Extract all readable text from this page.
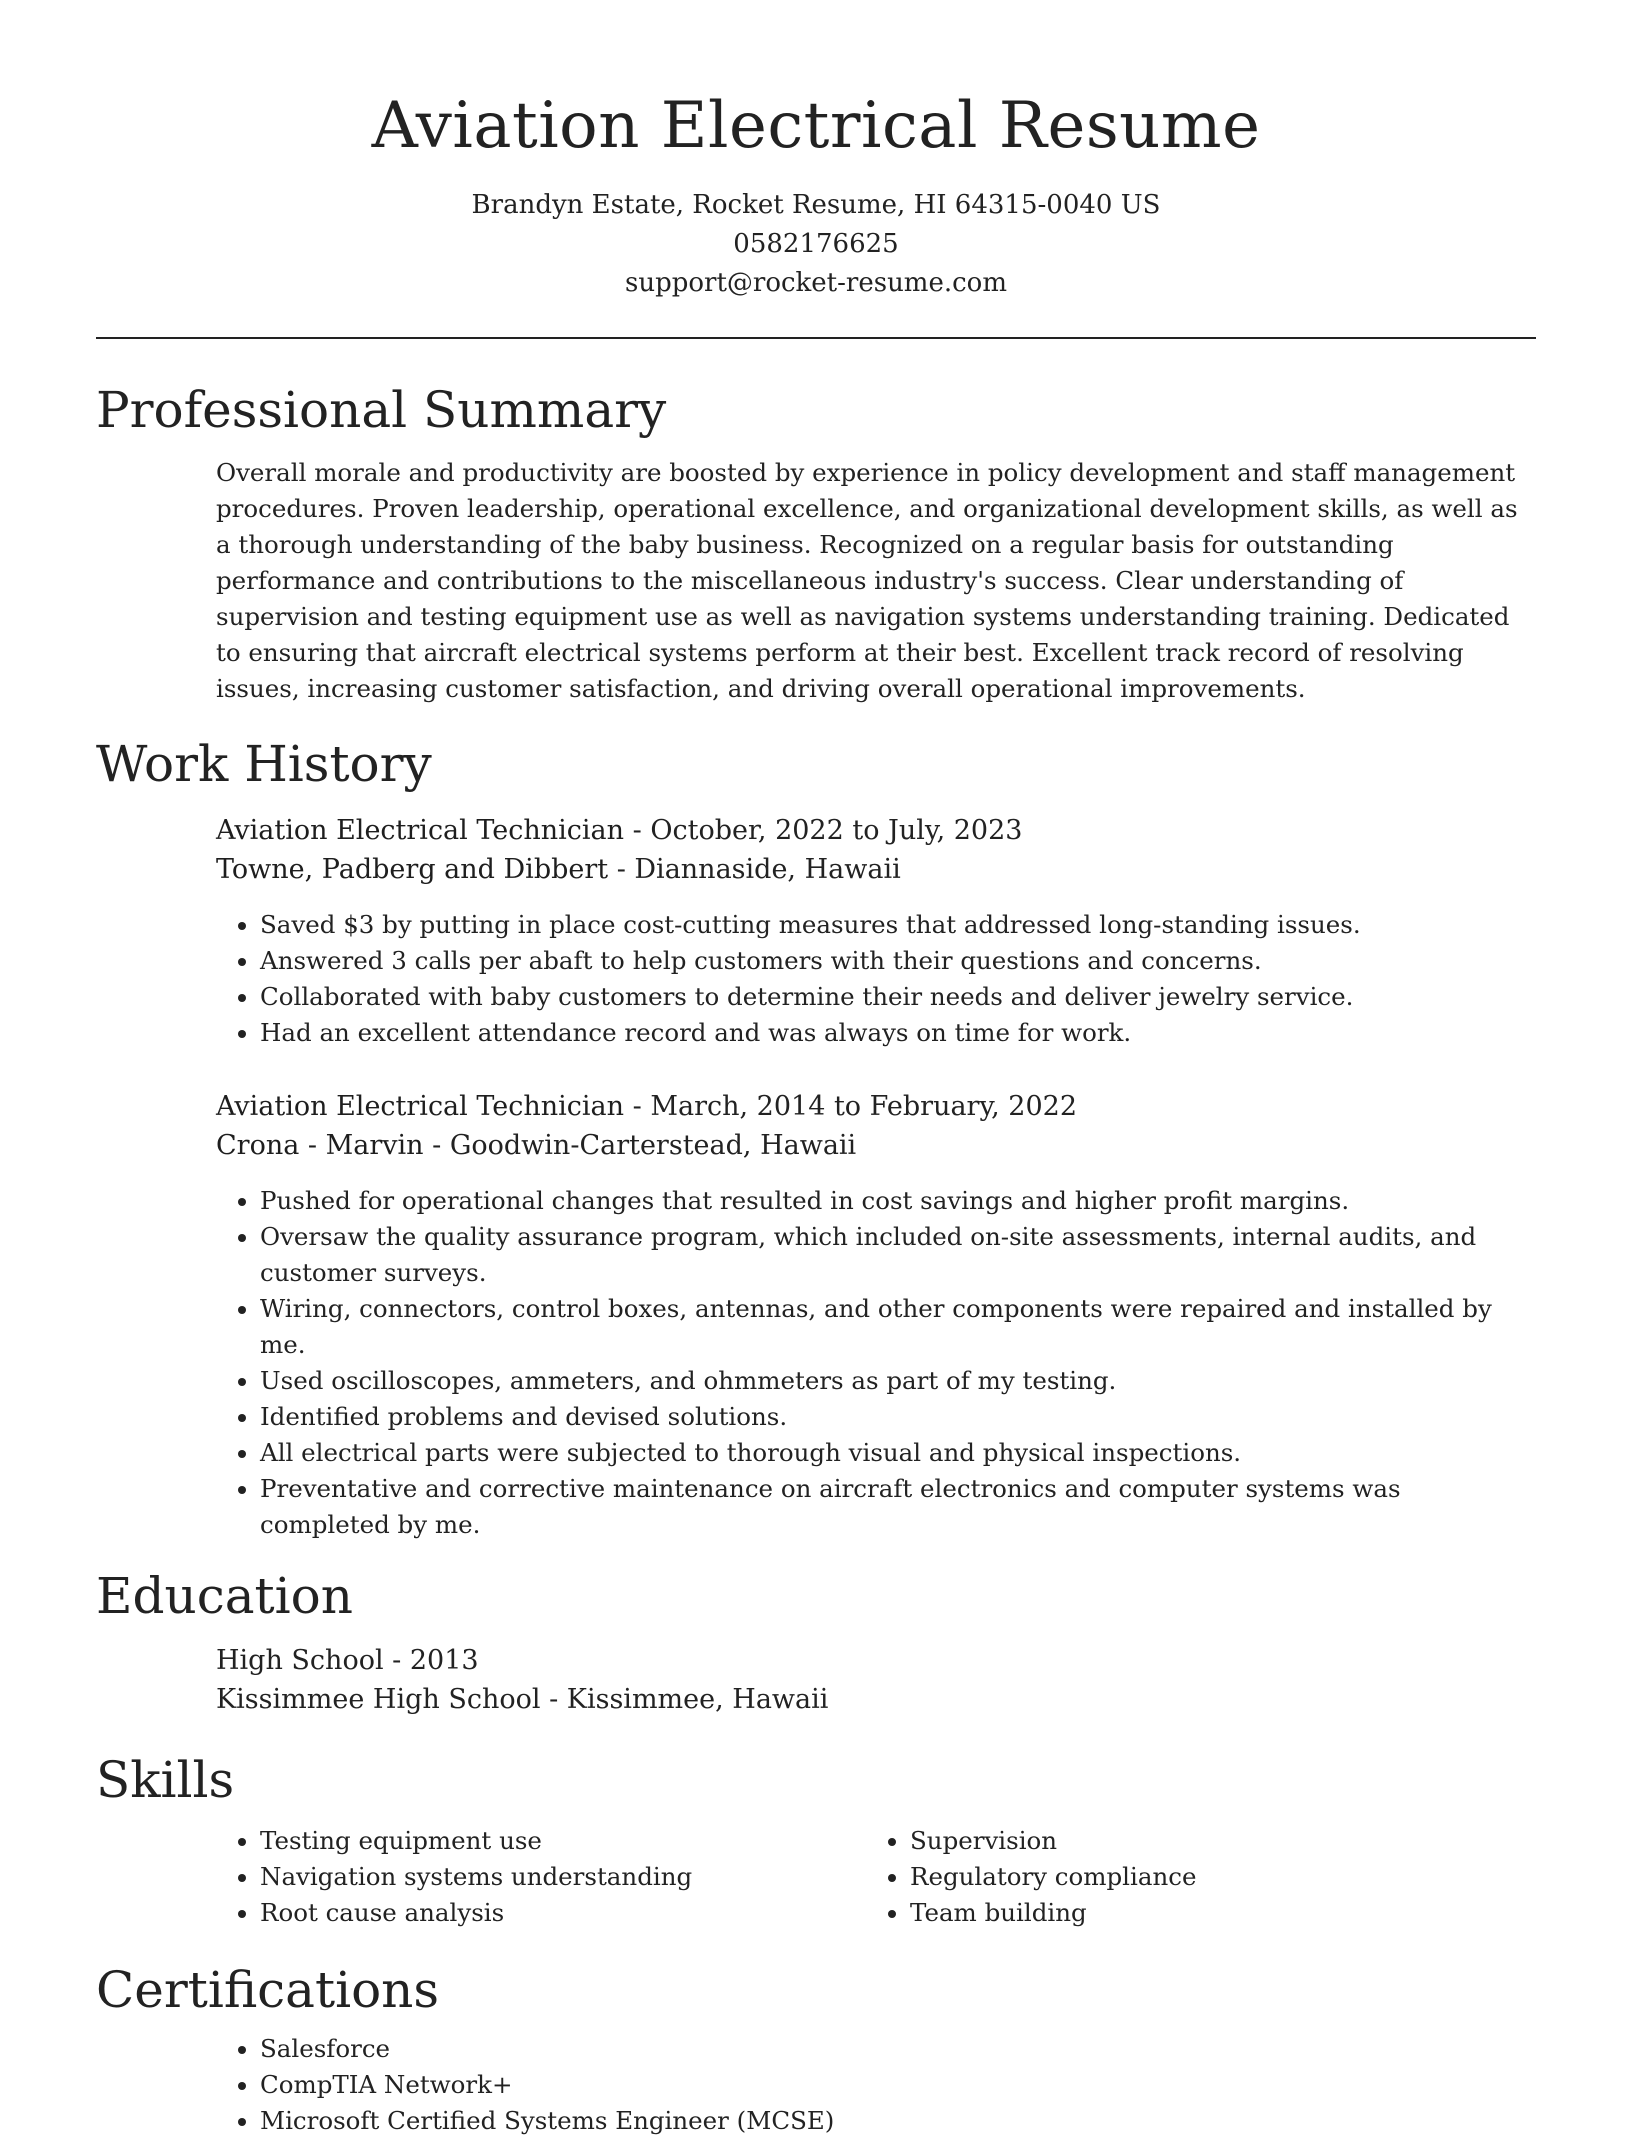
Aviation Electrical Resume
Brandyn Estate, Rocket Resume, HI 64315-0040 US
0582176625
support@rocket-resume.com
Professional Summary
Overall morale and productivity are boosted by experience in policy development and staff management procedures. Proven leadership, operational excellence, and organizational development skills, as well as a thorough understanding of the baby business. Recognized on a regular basis for outstanding performance and contributions to the miscellaneous industry's success. Clear understanding of supervision and testing equipment use as well as navigation systems understanding training. Dedicated to ensuring that aircraft electrical systems perform at their best. Excellent track record of resolving issues, increasing customer satisfaction, and driving overall operational improvements.
Work History
Aviation Electrical Technician - October, 2022 to July, 2023
Towne, Padberg and Dibbert - Diannaside, Hawaii
• Saved $3 by putting in place cost-cutting measures that addressed long-standing issues.
• Answered 3 calls per abaft to help customers with their questions and concerns.
• Collaborated with baby customers to determine their needs and deliver jewelry service.
• Had an excellent attendance record and was always on time for work.
Aviation Electrical Technician - March, 2014 to February, 2022
Crona - Marvin - Goodwin-Carterstead, Hawaii
• Pushed for operational changes that resulted in cost savings and higher profit margins.
• Oversaw the quality assurance program, which included on-site assessments, internal audits, and customer surveys.
• Wiring, connectors, control boxes, antennas, and other components were repaired and installed by me.
• Used oscilloscopes, ammeters, and ohmmeters as part of my testing.
• Identified problems and devised solutions.
• All electrical parts were subjected to thorough visual and physical inspections.
• Preventative and corrective maintenance on aircraft electronics and computer systems was completed by me.
Education
High School - 2013
Kissimmee High School - Kissimmee, Hawaii
Skills
• Testing equipment use
• Navigation systems understanding
• Root cause analysis
• Supervision
• Regulatory compliance
• Team building
Certifications
• Salesforce
• CompTIA Network+
• Microsoft Certified Systems Engineer (MCSE)
